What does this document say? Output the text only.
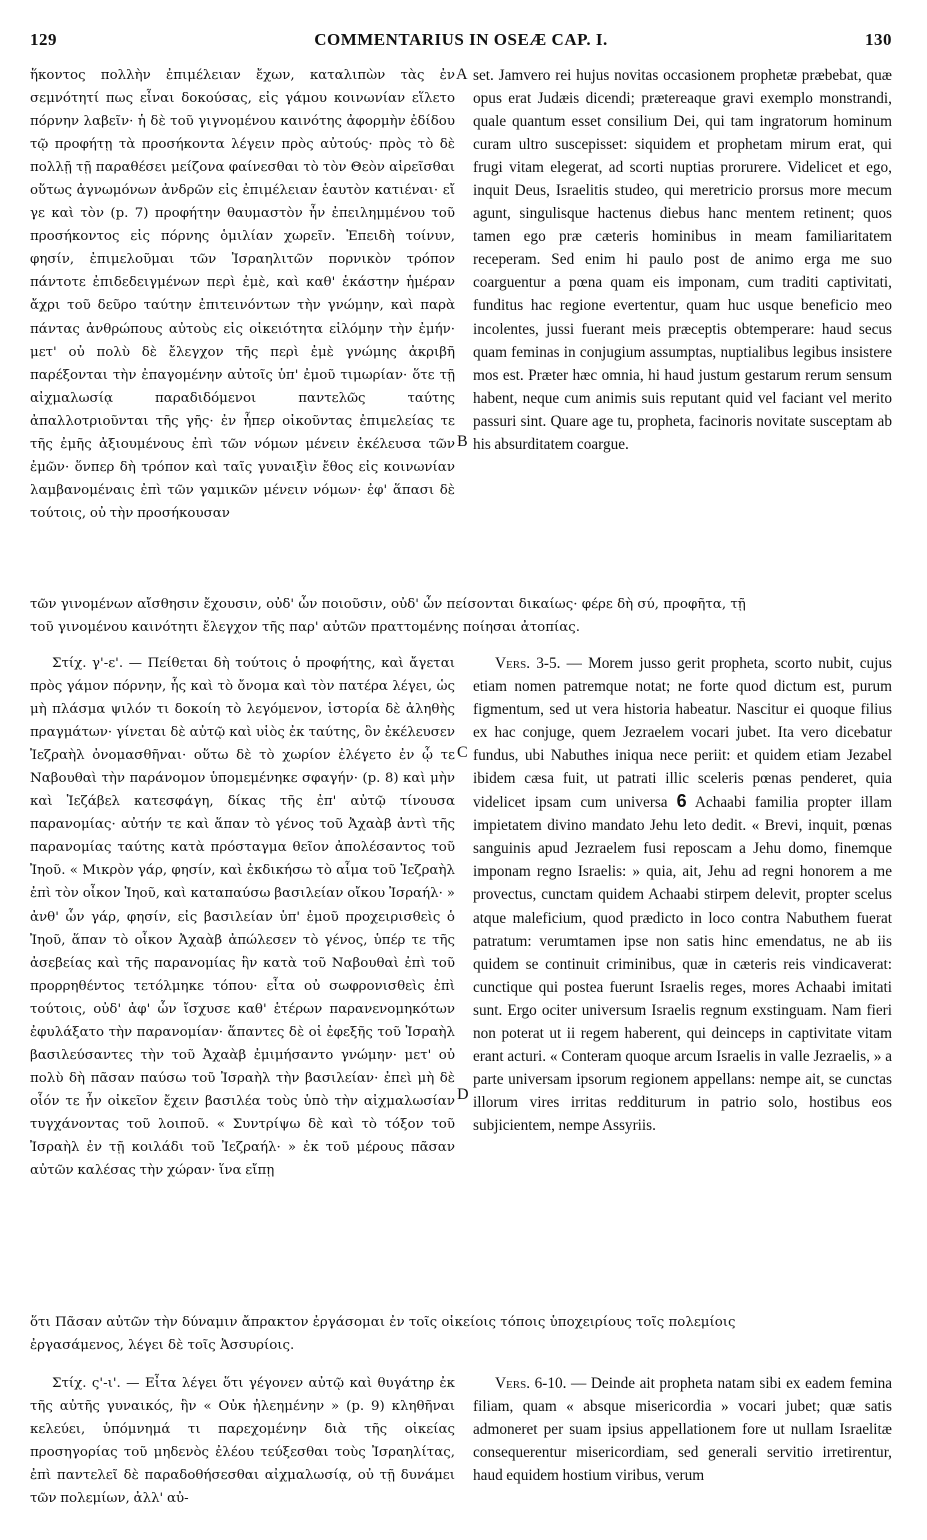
129	COMMENTARIUS IN OSEÆ CAP. I.	130

ἥκοντος πολλὴν ἐπιμέλειαν ἔχων, καταλιπὼν τὰς ἐν σεμνότητί πως εἶναι δοκούσας, εἰς γάμου κοινωνίαν εἵλετο πόρνην λαβεῖν· ἡ δὲ τοῦ γιγνομένου καινότης ἀφορμὴν ἐδίδου τῷ προφήτῃ τὰ προσήκοντα λέγειν πρὸς αὐτούς· πρὸς τὸ δὲ πολλῇ τῇ παραθέσει μείζονα φαίνεσθαι τὸ τὸν Θεὸν αἱρεῖσθαι οὕτως ἀγνωμόνων ἀνδρῶν εἰς ἐπιμέλειαν ἑαυτὸν κατιέναι· εἴ γε καὶ τὸν (p. 7) προφήτην θαυμαστὸν ἦν ἐπειλημμένου τοῦ προσήκοντος εἰς πόρνης ὁμιλίαν χωρεῖν. Ἐπειδὴ τοίνυν, φησίν, ἐπιμελοῦμαι τῶν Ἰσραηλιτῶν πορνικὸν τρόπον πάντοτε ἐπιδεδειγμένων περὶ ἐμὲ, καὶ καθ' ἑκάστην ἡμέραν ἄχρι τοῦ δεῦρο ταύτην ἐπιτεινόντων τὴν γνώμην, καὶ παρὰ πάντας ἀνθρώπους αὐτοὺς εἰς οἰκειότητα εἱλόμην τὴν ἐμήν· μετ' οὐ πολὺ δὲ ἔλεγχον τῆς περὶ ἐμὲ γνώμης ἀκριβῆ παρέξονται τὴν ἐπαγομένην αὐτοῖς ὑπ' ἐμοῦ τιμωρίαν· ὅτε τῇ αἰχμαλωσίᾳ παραδιδόμενοι παντελῶς ταύτης ἀπαλλοτριοῦνται τῆς γῆς· ἐν ἧπερ οἰκοῦντας ἐπιμελείας τε τῆς ἐμῆς ἀξιουμένους ἐπὶ τῶν νόμων μένειν ἐκέλευσα τῶν ἐμῶν· ὅνπερ δὴ τρόπον καὶ ταῖς γυναιξὶν ἔθος εἰς κοινωνίαν λαμβανομέναις ἐπὶ τῶν γαμικῶν μένειν νόμων· ἐφ' ἅπασι δὲ τούτοις, οὐ τὴν προσήκουσαν

set. Jamvero rei hujus novitas occasionem prophetæ præbebat, quæ opus erat Judæis dicendi; prætereaque gravi exemplo monstrandi, quale quantum esset consilium Dei, qui tam ingratorum hominum curam ultro suscepisset: siquidem et prophetam mirum erat, qui frugi vitam elegerat, ad scorti nuptias prorurere. Videlicet et ego, inquit Deus, Israelitis studeo, qui meretricio prorsus more mecum agunt, singulisque hactenus diebus hanc mentem retinent; quos tamen ego præ cæteris hominibus in meam familiaritatem receperam. Sed enim hi paulo post de animo erga me suo coarguentur a pœna quam eis imponam, cum traditi captivitati, funditus hac regione evertentur, quam huc usque beneficio meo incolentes, jussi fuerant meis præceptis obtemperare: haud secus quam feminas in conjugium assumptas, nuptialibus legibus insistere mos est. Præter hæc omnia, hi haud justum gestarum rerum sensum habent, neque cum animis suis reputant quid vel faciant vel merito passuri sint. Quare age tu, propheta, facinoris novitate susceptam ab his absurditatem coargue.

τῶν γινομένων αἴσθησιν ἔχουσιν, οὐδ' ὧν ποιοῦσιν, οὐδ' ὧν πείσονται δικαίως· φέρε δὴ σύ, προφῆτα, τῇ
τοῦ γινομένου καινότητι ἔλεγχον τῆς παρ' αὐτῶν πραττομένης ποίησαι ἀτοπίας.

Στίχ. γ'-ε'. — Πείθεται δὴ τούτοις ὁ προφήτης, καὶ ἄγεται πρὸς γάμον πόρνην, ἧς καὶ τὸ ὄνομα καὶ τὸν πατέρα λέγει, ὡς μὴ πλάσμα ψιλόν τι δοκοίη τὸ λεγόμενον, ἱστορία δὲ ἀληθὴς πραγμάτων· γίνεται δὲ αὐτῷ καὶ υἱὸς ἐκ ταύτης, ὃν ἐκέλευσεν Ἰεζραὴλ ὀνομασθῆναι· οὕτω δὲ τὸ χωρίον ἐλέγετο ἐν ᾧ τε Ναβουθαὶ τὴν παράνομον ὑπομεμένηκε σφαγήν· (p. 8) καὶ μὴν καὶ Ἰεζάβελ κατεσφάγη, δίκας τῆς ἐπ' αὐτῷ τίνουσα παρανομίας· αὐτήν τε καὶ ἅπαν τὸ γένος τοῦ Ἀχαὰβ ἀντὶ τῆς παρανομίας ταύτης κατὰ πρόσταγμα θεῖον ἀπολέσαντος τοῦ Ἰηοῦ. « Μικρὸν γάρ, φησίν, καὶ ἐκδικήσω τὸ αἷμα τοῦ Ἰεζραὴλ ἐπὶ τὸν οἶκον Ἰηοῦ, καὶ καταπαύσω βασιλείαν οἴκου Ἰσραήλ· » ἀνθ' ὧν γάρ, φησίν, εἰς βασιλείαν ὑπ' ἐμοῦ προχειρισθεὶς ὁ Ἰηοῦ, ἅπαν τὸ οἶκον Ἀχαὰβ ἀπώλεσεν τὸ γένος, ὑπέρ τε τῆς ἀσεβείας καὶ τῆς παρανομίας ἣν κατὰ τοῦ Ναβουθαὶ ἐπὶ τοῦ προρρηθέντος τετόλμηκε τόπου· εἶτα οὐ σωφρονισθεὶς ἐπὶ τούτοις, οὐδ' ἀφ' ὧν ἴσχυσε καθ' ἑτέρων παρανενομηκότων ἐφυλάξατο τὴν παρανομίαν· ἅπαντες δὲ οἱ ἐφεξῆς τοῦ Ἰσραὴλ βασιλεύσαντες τὴν τοῦ Ἀχαὰβ ἐμιμήσαντο γνώμην· μετ' οὐ πολὺ δὴ πᾶσαν παύσω τοῦ Ἰσραὴλ τὴν βασιλείαν· ἐπεὶ μὴ δὲ οἷόν τε ἦν οἰκεῖον ἔχειν βασιλέα τοὺς ὑπὸ τὴν αἰχμαλωσίαν τυγχάνοντας τοῦ λοιποῦ. « Συντρίψω δὲ καὶ τὸ τόξον τοῦ Ἰσραὴλ ἐν τῇ κοιλάδι τοῦ Ἰεζραήλ· » ἐκ τοῦ μέρους πᾶσαν αὐτῶν καλέσας τὴν χώραν· ἵνα εἴπῃ

Vers. 3-5. — Morem jusso gerit propheta, scorto nubit, cujus etiam nomen patremque notat; ne forte quod dictum est, purum figmentum, sed ut vera historia habeatur. Nascitur ei quoque filius ex hac conjuge, quem Jezraelem vocari jubet. Ita vero dicebatur fundus, ubi Nabuthes iniqua nece periit: et quidem etiam Jezabel ibidem cæsa fuit, ut patrati illic sceleris pœnas penderet, quia videlicet ipsam cum universa 6 Achaabi familia propter illam impietatem divino mandato Jehu leto dedit. « Brevi, inquit, pœnas sanguinis apud Jezraelem fusi reposcam a Jehu domo, finemque imponam regno Israelis: » quia, ait, Jehu ad regni honorem a me provectus, cunctam quidem Achaabi stirpem delevit, propter scelus atque maleficium, quod prædicto in loco contra Nabuthem fuerat patratum: verumtamen ipse non satis hinc emendatus, ne ab iis quidem se continuit criminibus, quæ in cæteris reis vindicaverat: cunctique qui postea fuerunt Israelis reges, mores Achaabi imitati sunt. Ergo ociter universum Israelis regnum exstinguam. Nam fieri non poterat ut ii regem haberent, qui deinceps in captivitate vitam erant acturi. « Conteram quoque arcum Israelis in valle Jezraelis, » a parte universam ipsorum regionem appellans: nempe ait, se cunctas illorum vires irritas redditurum in patrio solo, hostibus eos subjicientem, nempe Assyriis.

ὅτι Πᾶσαν αὐτῶν τὴν δύναμιν ἄπρακτον ἐργάσομαι ἐν τοῖς οἰκείοις τόποις ὑποχειρίους τοῖς πολεμίοις
ἐργασάμενος, λέγει δὲ τοῖς Ἀσσυρίοις.

Στίχ. ς'-ι'. — Εἶτα λέγει ὅτι γέγονεν αὐτῷ καὶ θυγάτηρ ἐκ τῆς αὐτῆς γυναικός, ἣν « Οὐκ ἠλεημένην » (p. 9) κληθῆναι κελεύει, ὑπόμνημά τι παρεχομένην διὰ τῆς οἰκείας προσηγορίας τοῦ μηδενὸς ἐλέου τεύξεσθαι τοὺς Ἰσραηλίτας, ἐπὶ παντελεῖ δὲ παραδοθήσεσθαι αἰχμαλωσίᾳ, οὐ τῇ δυνάμει τῶν πολεμίων, ἀλλ' αὐ-

Vers. 6-10. — Deinde ait propheta natam sibi ex eadem femina filiam, quam « absque misericordia » vocari jubet; quæ satis admoneret per suam ipsius appellationem fore ut nullam Israelitæ consequerentur misericordiam, sed generali servitio irretirentur, haud equidem hostium viribus, verum

A
B
C
D
